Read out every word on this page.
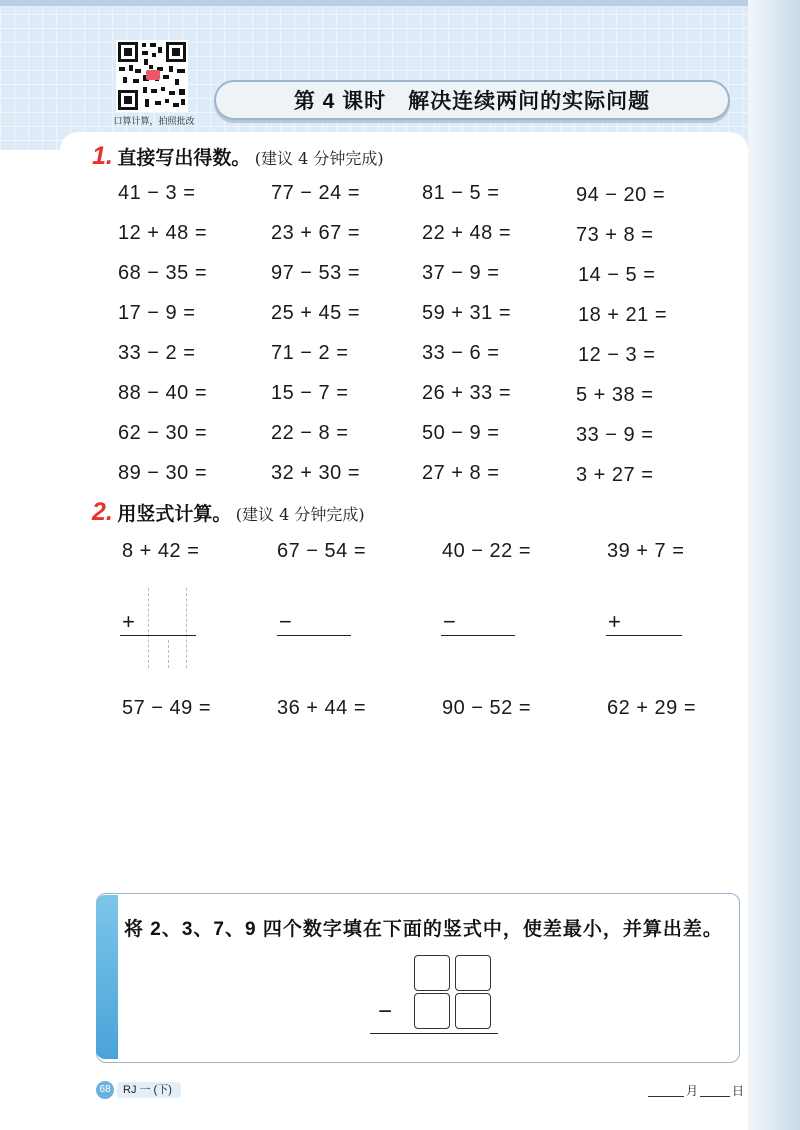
口算计算，拍照批改
第 4 课时　解决连续两问的实际问题
1. 直接写出得数。 (建议 4 分钟完成)
41 − 3 =	77 − 24 =	81 − 5 =	94 − 20 =
12 + 48 =	23 + 67 =	22 + 48 =	73 + 8 =
68 − 35 =	97 − 53 =	37 − 9 =	14 − 5 =
17 − 9 =	25 + 45 =	59 + 31 =	18 + 21 =
33 − 2 =	71 − 2 =	33 − 6 =	12 − 3 =
88 − 40 =	15 − 7 =	26 + 33 =	5 + 38 =
62 − 30 =	22 − 8 =	50 − 9 =	33 − 9 =
89 − 30 =	32 + 30 =	27 + 8 =	3 + 27 =
2. 用竖式计算。 (建议 4 分钟完成)
8 + 42 =	67 − 54 =	40 − 22 =	39 + 7 =
+	−	−	+
57 − 49 =	36 + 44 =	90 − 52 =	62 + 29 =
将 2、3、7、9 四个数字填在下面的竖式中，使差最小，并算出差。
−
68	RJ 一 (下)	月	日
